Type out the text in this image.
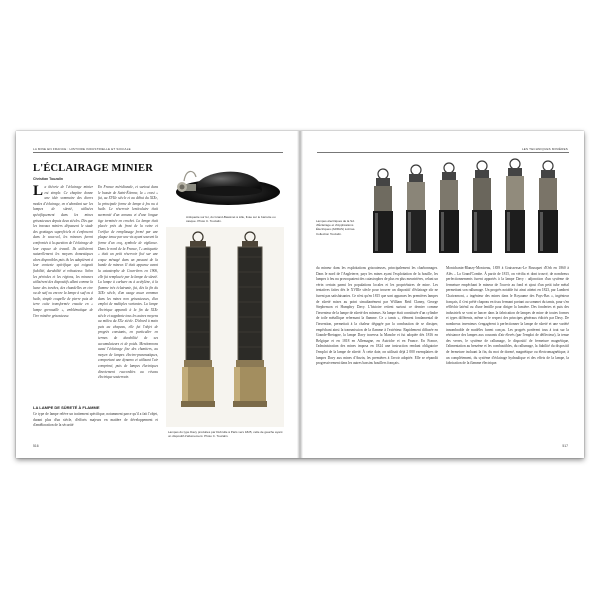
LA MINE EN FRANCE : HISTOIRE INDUSTRIELLE ET SOCIALE
L'ÉCLAIRAGE MINIER
Christian Touzalin
Antiquette sur fer, du Grand-Bassinet à Lille, fixée sur le barrette ou casque. Photo C. Touzalin.
L a théorie de l'éclairage minier est simple. Ce chapitre donne une idée sommaire des divers modes d'éclairage, en n'abordant sur les lampes de sûreté, utilisées spécifiquement dans les mines grisouteuses depuis deux siècles. Dès que les travaux miniers dépassent le stade des grattages superficiels et s'enfoncent dans le sous-sol, les mineurs furent confrontés à la question de l'éclairage de leur espace de travail. Ils utilisèrent naturellement les moyens domestiques alors disponibles puis ils les adaptèrent à leur contexte spécifique qui exigeait fiabilité, durabilité et robustesse. Selon les périodes et les régions, les mineurs utilisèrent des dispositifs allant comme la lueur des torches, des chandelles en cire ou de suif ou encore la lampe à suif ou à huile, simple coupelle de pierre puis de terre cuite transformée ensuite en « lampe grenouille », emblématique de l'ère minière grisouteuse.
En France méridionale, et surtout dans le bassin de Saint-Étienne, la « crasi » fut, au XVIIe siècle et au début du XIXe, la principale forme de lampe à feu nu à huile. Le réservoir lenticulaire était surmonté d'un anneau et d'une longue tige terminée en crochet. La lampe était placée près du front de la veine et l'orifice de remplissage fermé par une plaque tenue par une vis ayant souvent la forme d'un coq, symbole de vigilance. Dans le nord de la France, l'« antiquette » était un petit réservoir fixé sur une coque ménagé dans un passant de la bande de mineur. Il était apparue avant la catastrophe de Courrières en 1906, elle fut remplacée par la lampe de sûreté. La lampe à carbure ou à acétylène, à la flamme très éclairante, fut, dès la fin du XIXe siècle, d'un usage assez commun dans les mines non grisouteuses, d'un emploi de multiples variantes. La lampe électrique apparaît à la fin du XIXe siècle et supplante tous les autres moyens au milieu du XXe siècle. D'abord à main puis au chapeau, elle fut l'objet de progrès constants, en particulier en termes de durabilité de ses accumulateurs et de poids. Mentionnons aussi l'éclairage fixe des chantiers, au moyen de lampes électro-pneumatiques, comportant une dynamo et utilisant l'air comprimé, puis de lampes électriques directement raccordées au réseau électrique souterrain.
Lampes du type Davy produites par Dubrulle à Paris vers 1825, celle de gauche ayant un dispositif d'allumement. Photo C. Touzalin.
LA LAMPE DE SÛRETÉ À FLAMME
Ce type de lampe relève un traitement spécifique, notamment parce qu'il a fait l'objet, durant plus d'un siècle, d'efforts majeurs en matière de développement et d'amélioration de la sécurité
516
LES TECHNIQUES MINIÈRES
Lampes électriques de la SA d'Éclairage et d'Applications Électriques (ARRAS) à Arras. Collection Touzalin.
du mineur dans les exploitations grisouteuses, principalement les charbonnages. Dans le nord de l'Angleterre, pays les mines ayant l'exploitation de la houille, les lampes à feu nu provoquaient des catastrophes de plus en plus meurtrières, celant un vérin certain parmi les populations locales et les propriétaires de mine. Les tentatives faites dès le XVIIIe siècle pour trouver un dispositif d'éclairage sûr ne furent pas satisfaisantes. Ce n'est qu'en 1815 que sont apparues les premières lampes de sûreté mises au point simultanément par William Reid Clanny, George Stephenson et Humphry Davy. L'histoire retient surtout ce dernier comme l'inventeur de la lampe de sûreté des mineurs. Sa lampe était constituée d'un cylindre de toile métallique refermant la flamme. Ce « tamis », élément fondamental de l'invention, permettait à la chaleur dégagée par la combustion de se dissiper, empêchant ainsi la transmission de la flamme à l'extérieur. Rapidement diffusée en Grande-Bretagne, la lampe Davy traversa la Manche et fut adoptée dès 1816 en Belgique et en 1818 en Allemagne, en Autriche et en France. En France, l'administration des mines imposa en 1824 une instruction rendant obligatoire l'emploi de la lampe de sûreté. À cette date, on utilisait déjà 2 000 exemplaires de lampes Davy aux mines d'Anzin, les premières à l'avoir adoptée. Elle se répandit progressivement dans les autres bassins houillers français.
Montchanin-Blanzy-Montceau, 1839 à Graissessac-Le Bousquet d'Orb en 1860 à Alès – La Grand'Combe. À partir de 1815, on vérifia et dont trouvé, de nombreux perfectionnements furent apportés à la lampe Davy : adjonction d'un système de fermeture empêchant le mineur de l'ouvrir au fond et ajout d'un petit tube métal permettant son rallumage. Un progrès notable fut ainsi atteint en 1823, par Lambert Chaivarnont, « ingénieur des mines dans le Royaume des Pays-Bas », ingénieur français, il s'est prêté chapeau en tissu fermant portant au sommet du tamis, pour s'en réfléchir latéral ou d'une lentille pour diriger la lumière. Des fonderies et puis des industriels se vont se lancer dans la fabrication de lampes de mine de toutes formes et types différents, même si le respect des principes généraux édictés par Davy. De nombreux inventeurs s'engagèrent à perfectionner la lampe de sûreté et une variété innombrable de modèles furent conçus. Les progrès portèrent tous à tout sur la résistance des lampes aux courants d'air élevés (par l'emploi de déflecteur), la tenue des verres, le système de rallumage, le dispositif de fermeture magnétique, l'alimentation au benzène et les combustibles, du rallumage, la fiabilité du dispositif de fermeture incluant la fin, du mot de dormé, magnétique ou électromagnétique, à un complétement, du système d'éclairage hydraulique et des effets de la lampe, la fabrication de la flamme électrique.
517
